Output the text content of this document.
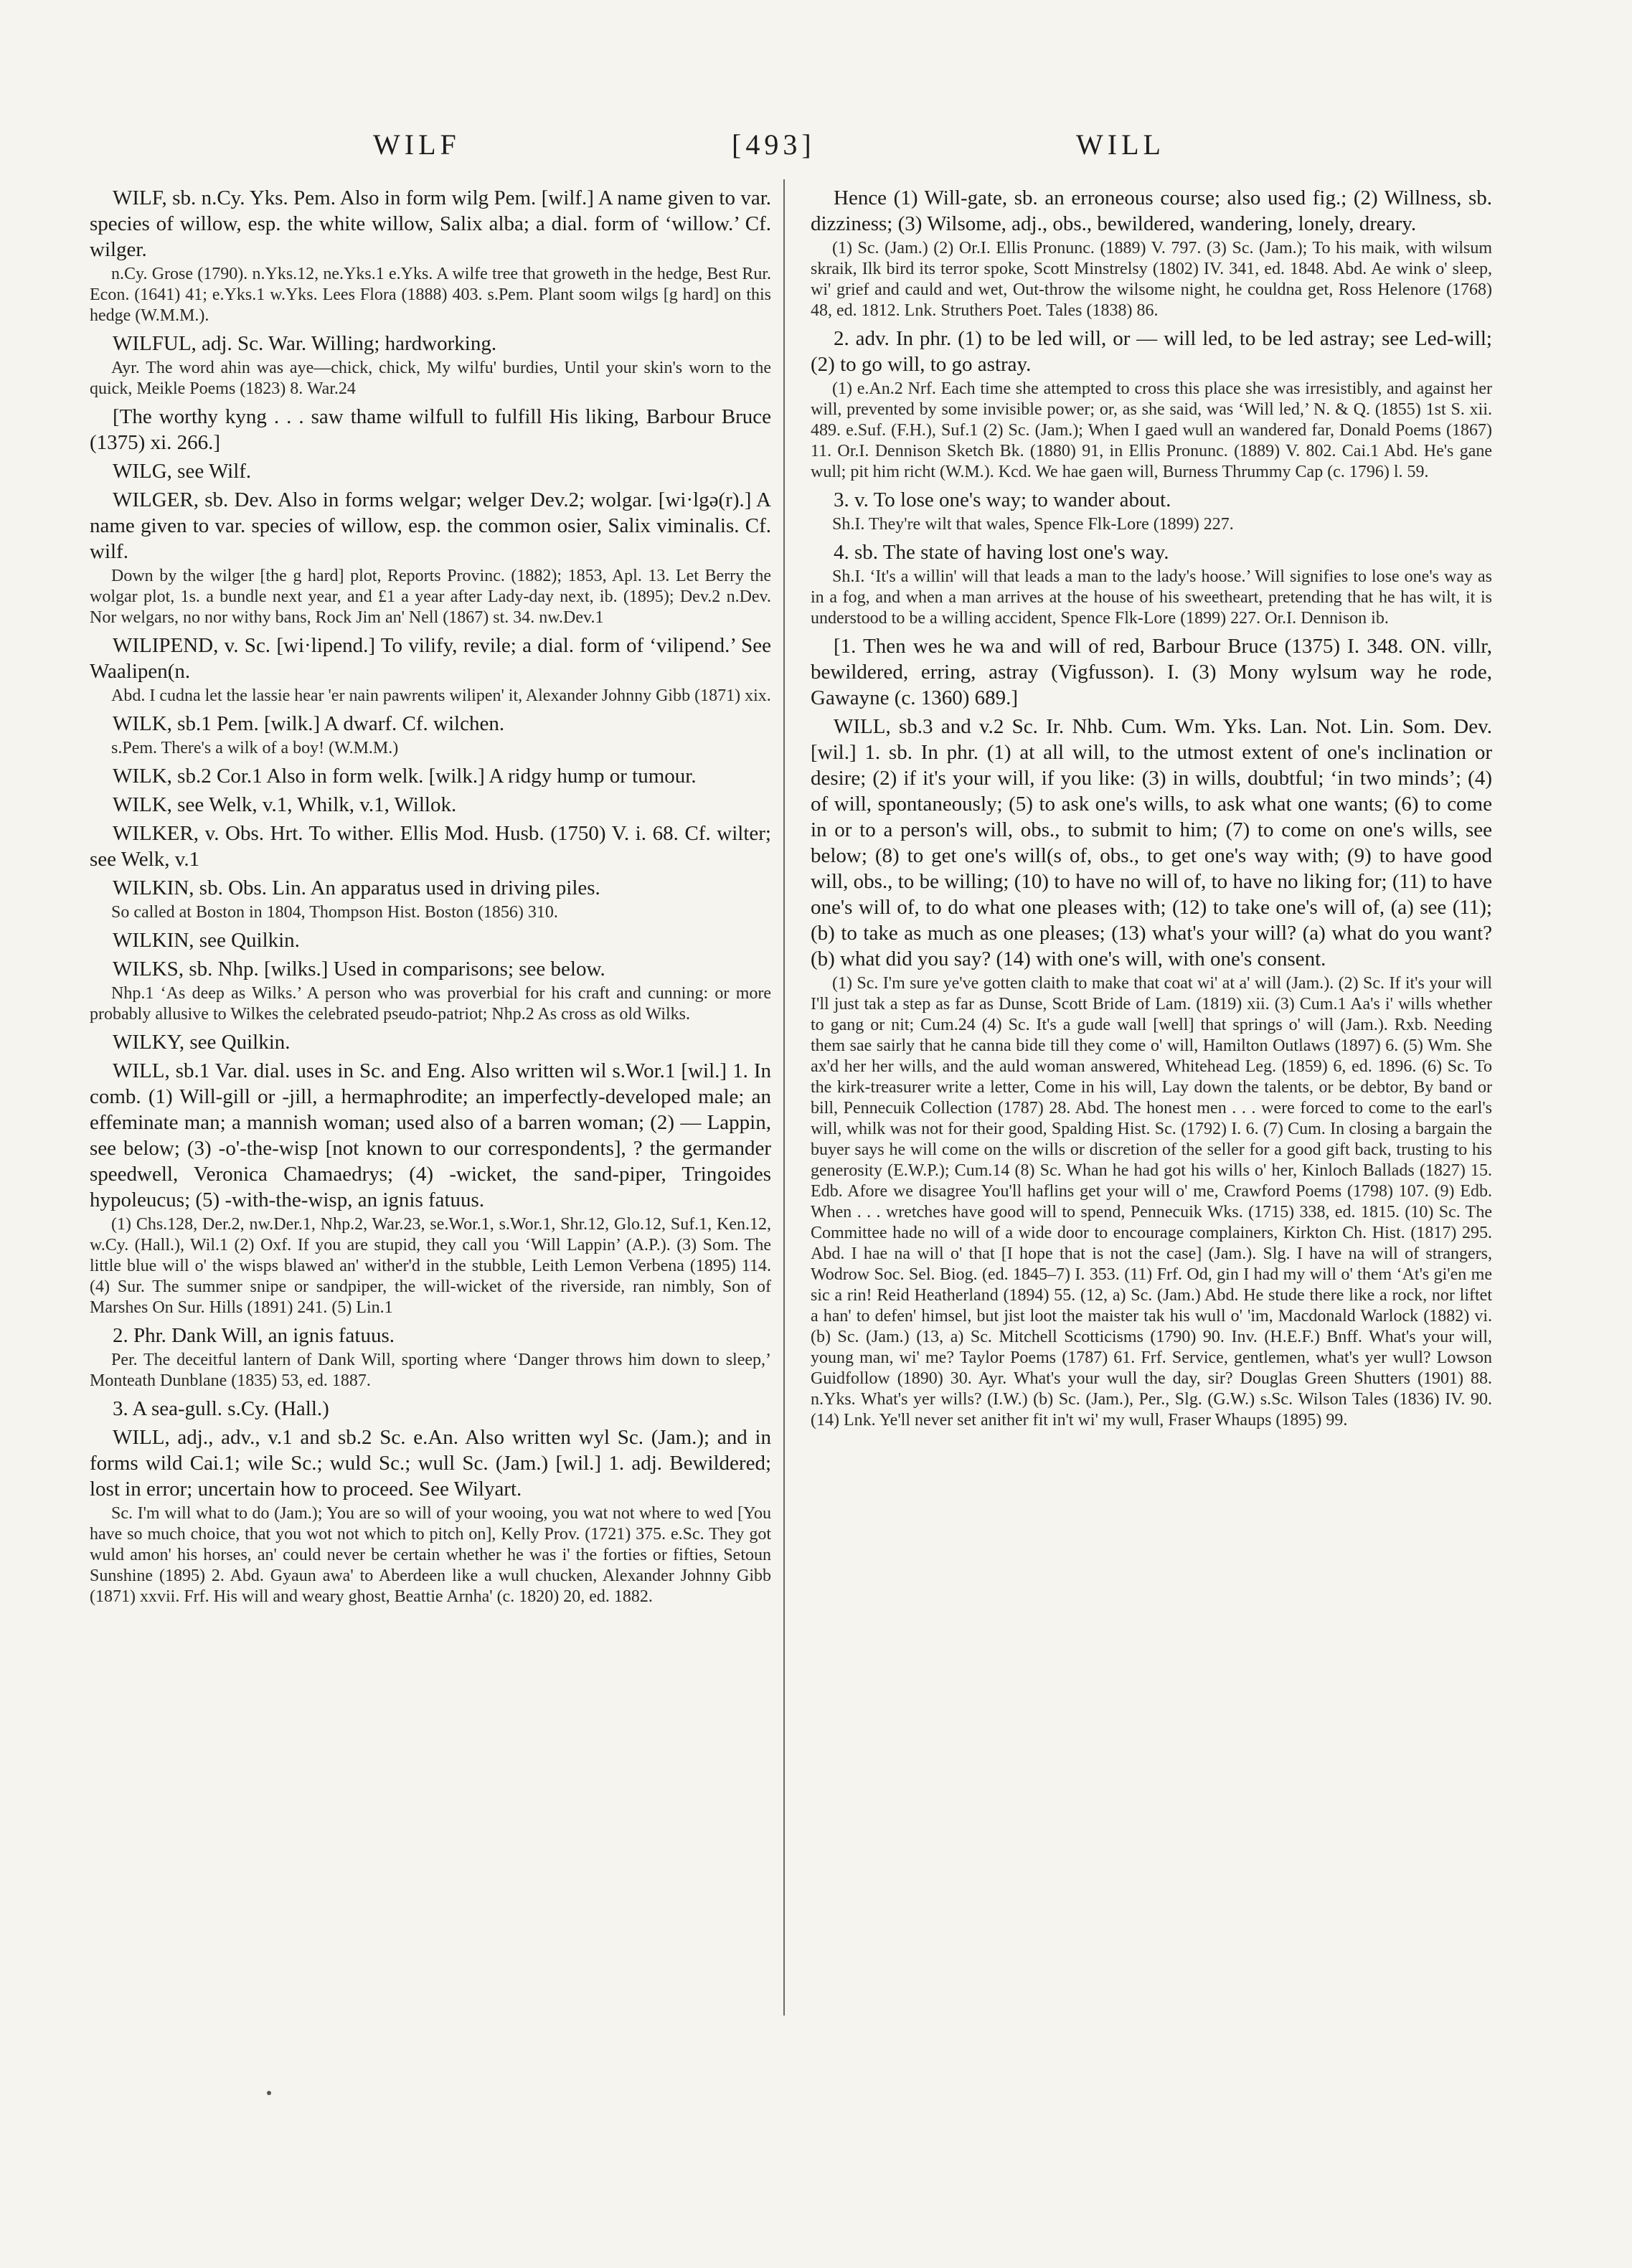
WILF	[493]	WILL

WILF, sb. n.Cy. Yks. Pem. Also in form wilg Pem. [wilf.] A name given to var. species of willow, esp. the white willow, Salix alba; a dial. form of ‘willow.’ Cf. wilger.

n.Cy. Grose (1790). n.Yks.12, ne.Yks.1 e.Yks. A wilfe tree that groweth in the hedge, Best Rur. Econ. (1641) 41; e.Yks.1 w.Yks. Lees Flora (1888) 403. s.Pem. Plant soom wilgs [g hard] on this hedge (W.M.M.).

WILFUL, adj. Sc. War. Willing; hardworking.

Ayr. The word ahin was aye—chick, chick, My wilfu' burdies, Until your skin's worn to the quick, Meikle Poems (1823) 8. War.24

[The worthy kyng . . . saw thame wilfull to fulfill His liking, Barbour Bruce (1375) xi. 266.]

WILG, see Wilf.

WILGER, sb. Dev. Also in forms welgar; welger Dev.2; wolgar. [wi·lgə(r).] A name given to var. species of willow, esp. the common osier, Salix viminalis. Cf. wilf.

Down by the wilger [the g hard] plot, Reports Provinc. (1882); 1853, Apl. 13. Let Berry the wolgar plot, 1s. a bundle next year, and £1 a year after Lady-day next, ib. (1895); Dev.2 n.Dev. Nor welgars, no nor withy bans, Rock Jim an' Nell (1867) st. 34. nw.Dev.1

WILIPEND, v. Sc. [wi·lipend.] To vilify, revile; a dial. form of ‘vilipend.’ See Waalipen(n.

Abd. I cudna let the lassie hear 'er nain pawrents wilipen' it, Alexander Johnny Gibb (1871) xix.

WILK, sb.1 Pem. [wilk.] A dwarf. Cf. wilchen.

s.Pem. There's a wilk of a boy! (W.M.M.)

WILK, sb.2 Cor.1 Also in form welk. [wilk.] A ridgy hump or tumour.

WILK, see Welk, v.1, Whilk, v.1, Willok.

WILKER, v. Obs. Hrt. To wither. Ellis Mod. Husb. (1750) V. i. 68. Cf. wilter; see Welk, v.1

WILKIN, sb. Obs. Lin. An apparatus used in driving piles.

So called at Boston in 1804, Thompson Hist. Boston (1856) 310.

WILKIN, see Quilkin.

WILKS, sb. Nhp. [wilks.] Used in comparisons; see below.

Nhp.1 ‘As deep as Wilks.’ A person who was proverbial for his craft and cunning: or more probably allusive to Wilkes the celebrated pseudo-patriot; Nhp.2 As cross as old Wilks.

WILKY, see Quilkin.

WILL, sb.1 Var. dial. uses in Sc. and Eng. Also written wil s.Wor.1 [wil.] 1. In comb. (1) Will-gill or -jill, a hermaphrodite; an imperfectly-developed male; an effeminate man; a mannish woman; used also of a barren woman; (2) — Lappin, see below; (3) -o'-the-wisp [not known to our correspondents], ? the germander speedwell, Veronica Chamaedrys; (4) -wicket, the sand-piper, Tringoides hypoleucus; (5) -with-the-wisp, an ignis fatuus.

(1) Chs.128, Der.2, nw.Der.1, Nhp.2, War.23, se.Wor.1, s.Wor.1, Shr.12, Glo.12, Suf.1, Ken.12, w.Cy. (Hall.), Wil.1 (2) Oxf. If you are stupid, they call you ‘Will Lappin’ (A.P.). (3) Som. The little blue will o' the wisps blawed an' wither'd in the stubble, Leith Lemon Verbena (1895) 114. (4) Sur. The summer snipe or sandpiper, the will-wicket of the riverside, ran nimbly, Son of Marshes On Sur. Hills (1891) 241. (5) Lin.1

2. Phr. Dank Will, an ignis fatuus.

Per. The deceitful lantern of Dank Will, sporting where ‘Danger throws him down to sleep,’ Monteath Dunblane (1835) 53, ed. 1887.

3. A sea-gull. s.Cy. (Hall.)

WILL, adj., adv., v.1 and sb.2 Sc. e.An. Also written wyl Sc. (Jam.); and in forms wild Cai.1; wile Sc.; wuld Sc.; wull Sc. (Jam.) [wil.] 1. adj. Bewildered; lost in error; uncertain how to proceed. See Wilyart.

Sc. I'm will what to do (Jam.); You are so will of your wooing, you wat not where to wed [You have so much choice, that you wot not which to pitch on], Kelly Prov. (1721) 375. e.Sc. They got wuld amon' his horses, an' could never be certain whether he was i' the forties or fifties, Setoun Sunshine (1895) 2. Abd. Gyaun awa' to Aberdeen like a wull chucken, Alexander Johnny Gibb (1871) xxvii. Frf. His will and weary ghost, Beattie Arnha' (c. 1820) 20, ed. 1882.

Hence (1) Will-gate, sb. an erroneous course; also used fig.; (2) Willness, sb. dizziness; (3) Wilsome, adj., obs., bewildered, wandering, lonely, dreary.

(1) Sc. (Jam.) (2) Or.I. Ellis Pronunc. (1889) V. 797. (3) Sc. (Jam.); To his maik, with wilsum skraik, Ilk bird its terror spoke, Scott Minstrelsy (1802) IV. 341, ed. 1848. Abd. Ae wink o' sleep, wi' grief and cauld and wet, Out-throw the wilsome night, he couldna get, Ross Helenore (1768) 48, ed. 1812. Lnk. Struthers Poet. Tales (1838) 86.

2. adv. In phr. (1) to be led will, or — will led, to be led astray; see Led-will; (2) to go will, to go astray.

(1) e.An.2 Nrf. Each time she attempted to cross this place she was irresistibly, and against her will, prevented by some invisible power; or, as she said, was ‘Will led,’ N. & Q. (1855) 1st S. xii. 489. e.Suf. (F.H.), Suf.1 (2) Sc. (Jam.); When I gaed wull an wandered far, Donald Poems (1867) 11. Or.I. Dennison Sketch Bk. (1880) 91, in Ellis Pronunc. (1889) V. 802. Cai.1 Abd. He's gane wull; pit him richt (W.M.). Kcd. We hae gaen will, Burness Thrummy Cap (c. 1796) l. 59.

3. v. To lose one's way; to wander about.

Sh.I. They're wilt that wales, Spence Flk-Lore (1899) 227.

4. sb. The state of having lost one's way.

Sh.I. ‘It's a willin' will that leads a man to the lady's hoose.’ Will signifies to lose one's way as in a fog, and when a man arrives at the house of his sweetheart, pretending that he has wilt, it is understood to be a willing accident, Spence Flk-Lore (1899) 227. Or.I. Dennison ib.

[1. Then wes he wa and will of red, Barbour Bruce (1375) I. 348. ON. villr, bewildered, erring, astray (Vigfusson). I. (3) Mony wylsum way he rode, Gawayne (c. 1360) 689.]

WILL, sb.3 and v.2 Sc. Ir. Nhb. Cum. Wm. Yks. Lan. Not. Lin. Som. Dev. [wil.] 1. sb. In phr. (1) at all will, to the utmost extent of one's inclination or desire; (2) if it's your will, if you like: (3) in wills, doubtful; ‘in two minds’; (4) of will, spontaneously; (5) to ask one's wills, to ask what one wants; (6) to come in or to a person's will, obs., to submit to him; (7) to come on one's wills, see below; (8) to get one's will(s of, obs., to get one's way with; (9) to have good will, obs., to be willing; (10) to have no will of, to have no liking for; (11) to have one's will of, to do what one pleases with; (12) to take one's will of, (a) see (11); (b) to take as much as one pleases; (13) what's your will? (a) what do you want? (b) what did you say? (14) with one's will, with one's consent.

(1) Sc. I'm sure ye've gotten claith to make that coat wi' at a' will (Jam.). (2) Sc. If it's your will I'll just tak a step as far as Dunse, Scott Bride of Lam. (1819) xii. (3) Cum.1 Aa's i' wills whether to gang or nit; Cum.24 (4) Sc. It's a gude wall [well] that springs o' will (Jam.). Rxb. Needing them sae sairly that he canna bide till they come o' will, Hamilton Outlaws (1897) 6. (5) Wm. She ax'd her her wills, and the auld woman answered, Whitehead Leg. (1859) 6, ed. 1896. (6) Sc. To the kirk-treasurer write a letter, Come in his will, Lay down the talents, or be debtor, By band or bill, Pennecuik Collection (1787) 28. Abd. The honest men . . . were forced to come to the earl's will, whilk was not for their good, Spalding Hist. Sc. (1792) I. 6. (7) Cum. In closing a bargain the buyer says he will come on the wills or discretion of the seller for a good gift back, trusting to his generosity (E.W.P.); Cum.14 (8) Sc. Whan he had got his wills o' her, Kinloch Ballads (1827) 15. Edb. Afore we disagree You'll haflins get your will o' me, Crawford Poems (1798) 107. (9) Edb. When . . . wretches have good will to spend, Pennecuik Wks. (1715) 338, ed. 1815. (10) Sc. The Committee hade no will of a wide door to encourage complainers, Kirkton Ch. Hist. (1817) 295. Abd. I hae na will o' that [I hope that is not the case] (Jam.). Slg. I have na will of strangers, Wodrow Soc. Sel. Biog. (ed. 1845–7) I. 353. (11) Frf. Od, gin I had my will o' them ‘At's gi'en me sic a rin! Reid Heatherland (1894) 55. (12, a) Sc. (Jam.) Abd. He stude there like a rock, nor liftet a han' to defen' himsel, but jist loot the maister tak his wull o' 'im, Macdonald Warlock (1882) vi. (b) Sc. (Jam.) (13, a) Sc. Mitchell Scotticisms (1790) 90. Inv. (H.E.F.) Bnff. What's your will, young man, wi' me? Taylor Poems (1787) 61. Frf. Service, gentlemen, what's yer wull? Lowson Guidfollow (1890) 30. Ayr. What's your wull the day, sir? Douglas Green Shutters (1901) 88. n.Yks. What's yer wills? (I.W.) (b) Sc. (Jam.), Per., Slg. (G.W.) s.Sc. Wilson Tales (1836) IV. 90. (14) Lnk. Ye'll never set anither fit in't wi' my wull, Fraser Whaups (1895) 99.
